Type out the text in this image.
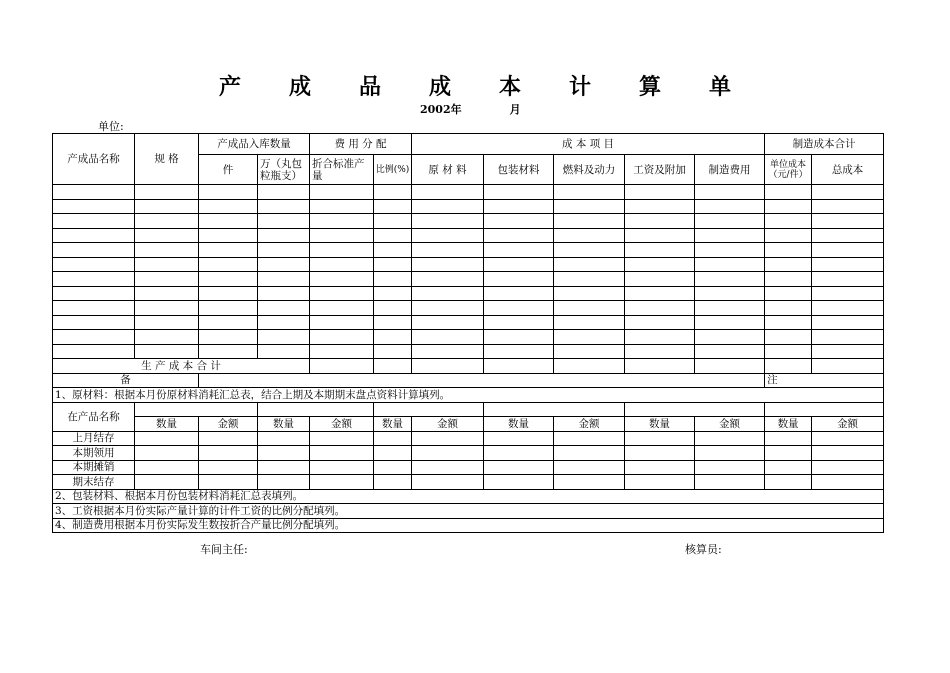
产 成 品 成 本 计 算 单
2002年	月
单位:
产成品名称	规 格	产成品入库数量		费 用 分 配		成 本 项 目					制造成本合计	
		件	万（丸包粒瓶支）	折合标准产量	比例(%)	原 材 料	包装材料	燃料及动力	工资及附加	制造费用	单位成本（元/件）	总成本

生 产 成 本 合 计												
备											注	
1、原材料：根据本月份原材料消耗汇总表，结合上期及本期期末盘点资料计算填列。												
在产品名称												
	数量	金额	数量	金额	数量	金额	数量	金额	数量	金额	数量	金额
上月结存												
本期领用												
本期摊销												
期末结存												
2、包装材料、根据本月份包装材料消耗汇总表填列。												
3、工资根据本月份实际产量计算的计件工资的比例分配填列。												
4、制造费用根据本月份实际发生数按折合产量比例分配填列。												
车间主任:	核算员:
